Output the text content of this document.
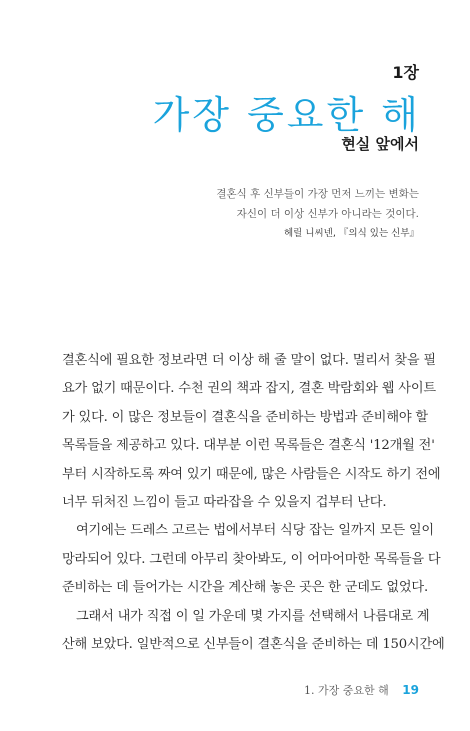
1장
가장 중요한 해
현실 앞에서
결혼식 후 신부들이 가장 먼저 느끼는 변화는
자신이 더 이상 신부가 아니라는 것이다.
헤릴 니씨넨, 『의식 있는 신부』
결혼식에 필요한 정보라면 더 이상 해 줄 말이 없다. 멀리서 찾을 필
요가 없기 때문이다. 수천 권의 책과 잡지, 결혼 박람회와 웹 사이트
가 있다. 이 많은 정보들이 결혼식을 준비하는 방법과 준비해야 할
목록들을 제공하고 있다. 대부분 이런 목록들은 결혼식 '12개월 전'
부터 시작하도록 짜여 있기 때문에, 많은 사람들은 시작도 하기 전에
너무 뒤처진 느낌이 들고 따라잡을 수 있을지 겁부터 난다.
여기에는 드레스 고르는 법에서부터 식당 잡는 일까지 모든 일이
망라되어 있다. 그런데 아무리 찾아봐도, 이 어마어마한 목록들을 다
준비하는 데 들어가는 시간을 계산해 놓은 곳은 한 군데도 없었다.
그래서 내가 직접 이 일 가운데 몇 가지를 선택해서 나름대로 계
산해 보았다. 일반적으로 신부들이 결혼식을 준비하는 데 150시간에
1. 가장 중요한 해 19
